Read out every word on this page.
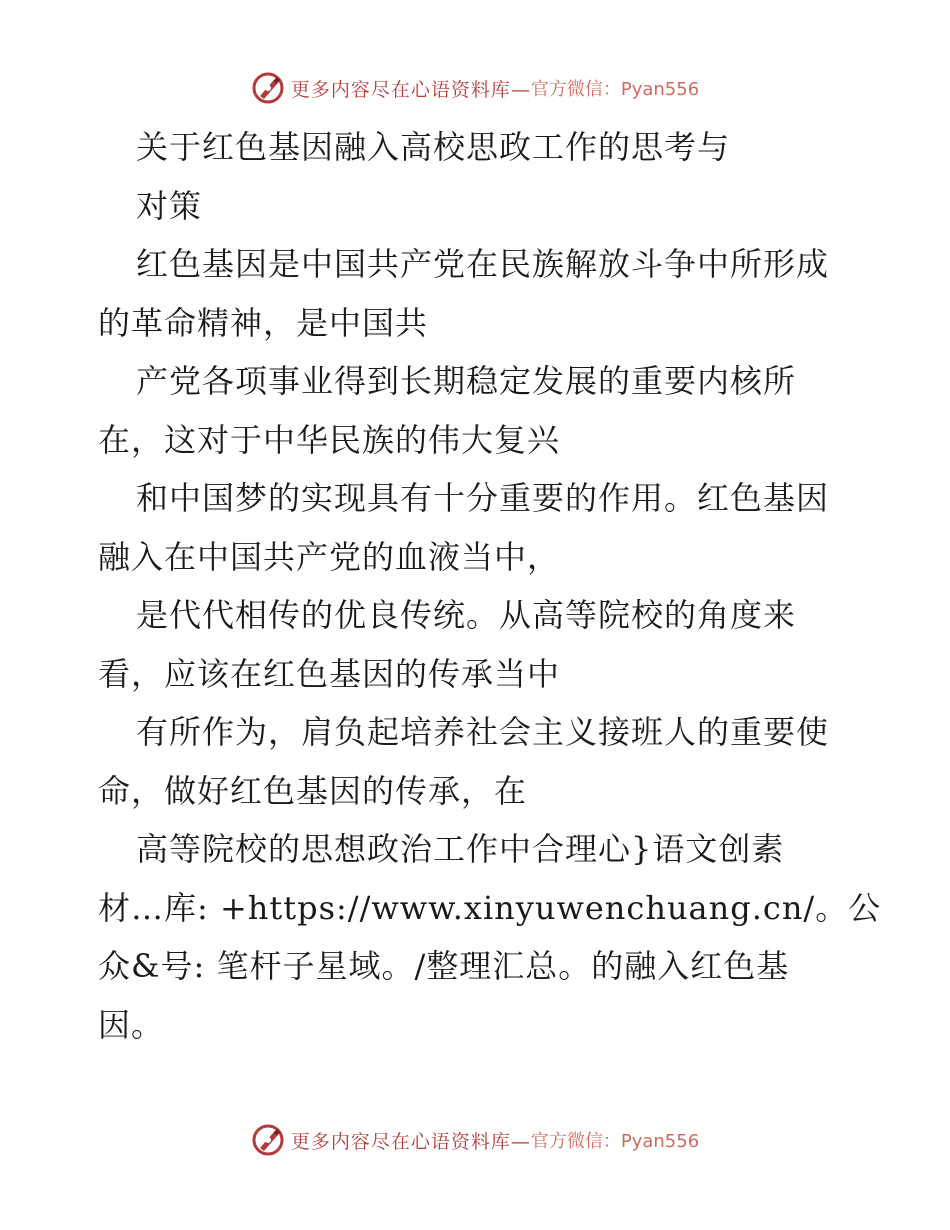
更多内容尽在心语资料库— 官方微信：Pyan556
关于红色基因融入高校思政工作的思考与
对策
红色基因是中国共产党在民族解放斗争中所形成
的革命精神，是中国共
产党各项事业得到长期稳定发展的重要内核所
在，这对于中华民族的伟大复兴
和中国梦的实现具有十分重要的作用。红色基因
融入在中国共产党的血液当中，
是代代相传的优良传统。从高等院校的角度来
看，应该在红色基因的传承当中
有所作为，肩负起培养社会主义接班人的重要使
命，做好红色基因的传承，在
高等院校的思想政治工作中合理心}语文创素
材…库: +https://www.xinyuwenchuang.cn/。公
众&号: 笔杆子星域。/整理汇总。的融入红色基
因。
更多内容尽在心语资料库— 官方微信：Pyan556
